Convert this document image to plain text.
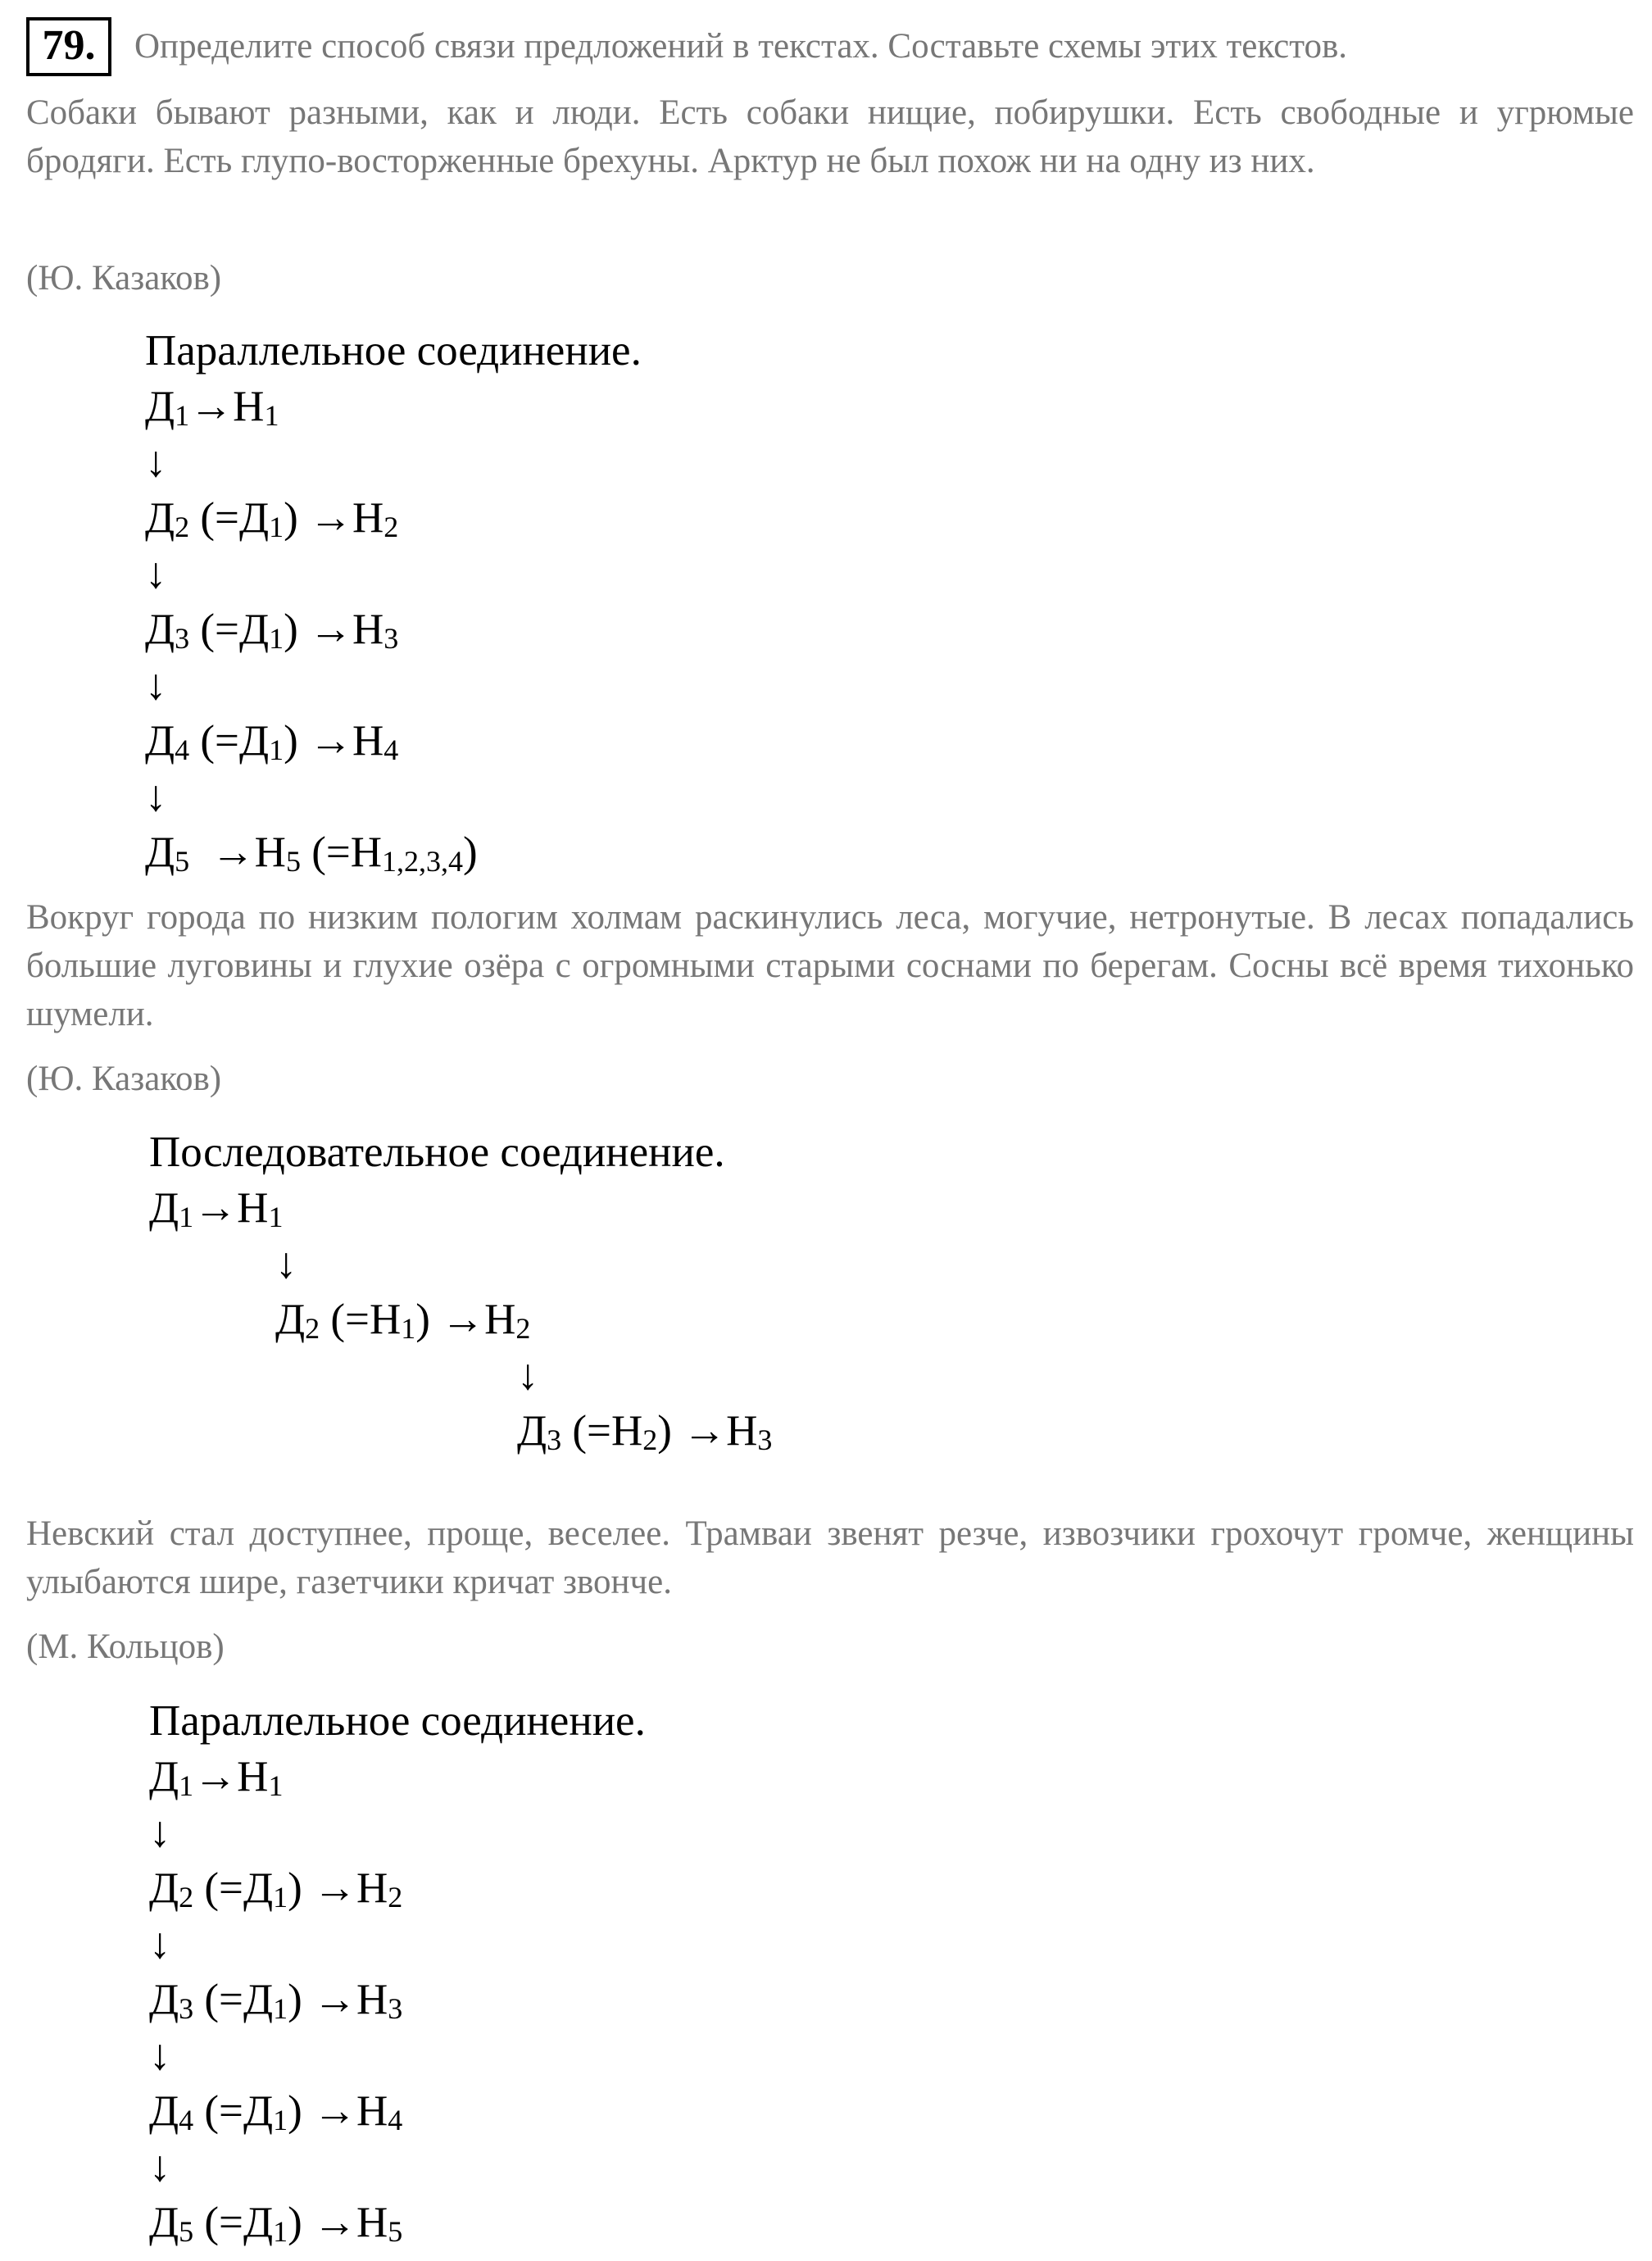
79.	Определите способ связи предложений в текстах. Составьте схемы этих текстов.
Собаки бывают разными, как и люди. Есть собаки нищие, побирушки. Есть свободные и угрюмые бродяги. Есть глупо-восторженные брехуны. Арктур не был похож ни на одну из них.
(Ю. Казаков)
Параллельное соединение.
$Д_1\to Н_1$
↓
$Д_2$ $(=Д_1) \to Н_2$
↓
$Д_3$ $(=Д_1) \to Н_3$
↓
$Д_4$ $(=Д_1) \to Н_4$
↓
$Д_5 \to Н_5$ $(=Н_{1,2,3,4})$
Вокруг города по низким пологим холмам раскинулись леса, могучие, нетронутые. В лесах попадались большие луговины и глухие озёра с огромными старыми соснами по берегам. Сосны всё время тихонько шумели.
(Ю. Казаков)
Последовательное соединение.
$Д_1\to Н_1$
↓
$Д_2$ $(=Н_1) \to Н_2$
↓
$Д_3$ $(=Н_2) \to Н_3$
Невский стал доступнее, проще, веселее. Трамваи звенят резче, извозчики грохочут громче, женщины улыбаются шире, газетчики кричат звонче.
(М. Кольцов)
Параллельное соединение.
$Д_1\to Н_1$
↓
$Д_2$ $(=Д_1) \to Н_2$
↓
$Д_3$ $(=Д_1) \to Н_3$
↓
$Д_4$ $(=Д_1) \to Н_4$
↓
$Д_5$ $(=Д_1) \to Н_5$
